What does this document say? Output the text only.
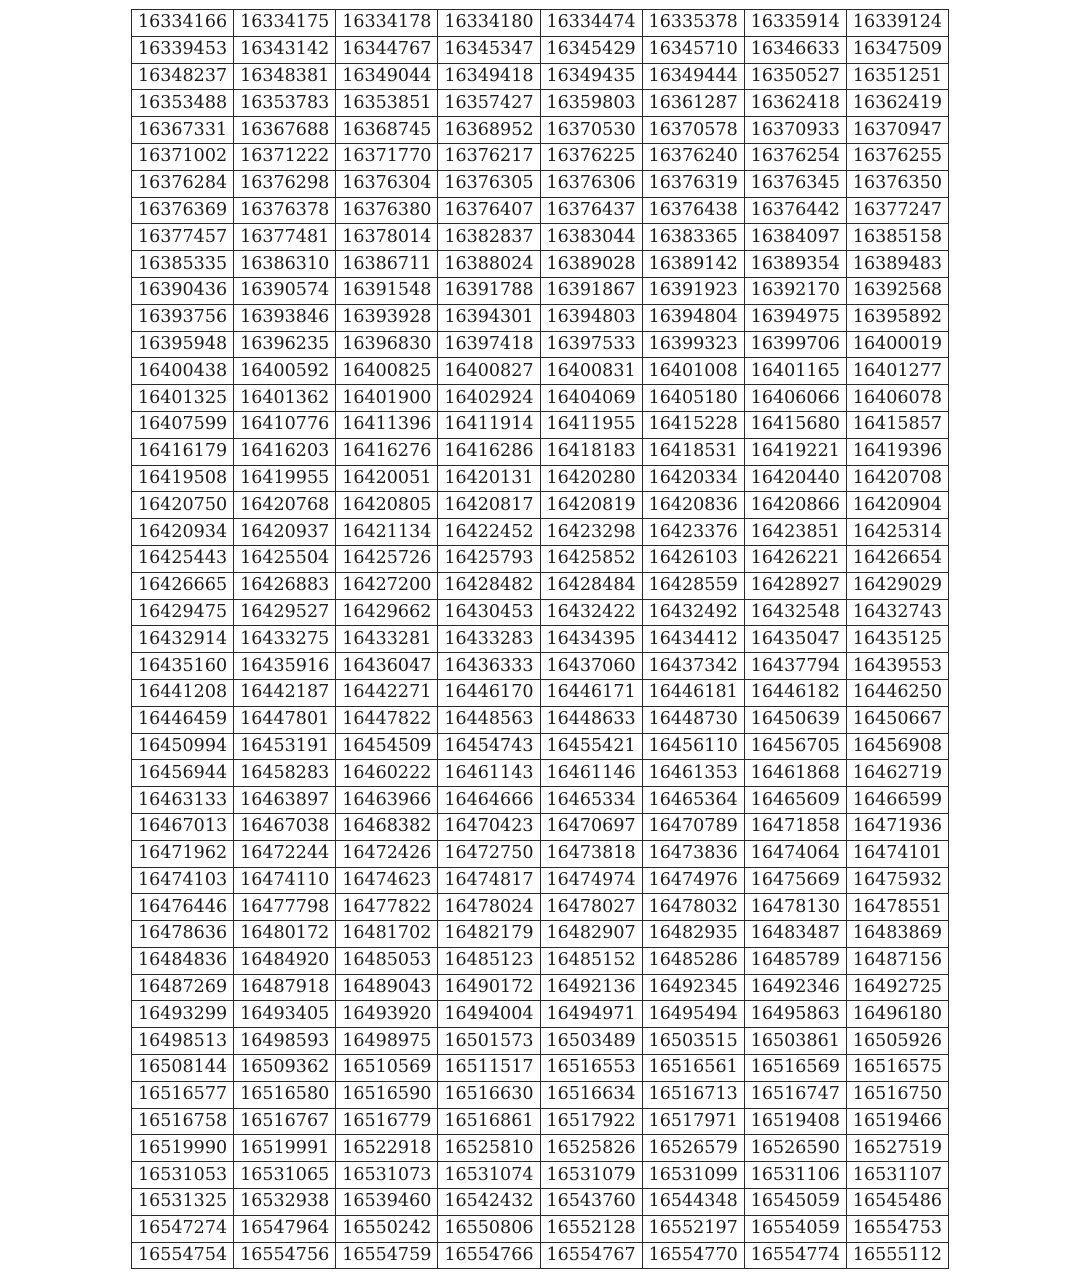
16334166	16334175	16334178	16334180	16334474	16335378	16335914	16339124
16339453	16343142	16344767	16345347	16345429	16345710	16346633	16347509
16348237	16348381	16349044	16349418	16349435	16349444	16350527	16351251
16353488	16353783	16353851	16357427	16359803	16361287	16362418	16362419
16367331	16367688	16368745	16368952	16370530	16370578	16370933	16370947
16371002	16371222	16371770	16376217	16376225	16376240	16376254	16376255
16376284	16376298	16376304	16376305	16376306	16376319	16376345	16376350
16376369	16376378	16376380	16376407	16376437	16376438	16376442	16377247
16377457	16377481	16378014	16382837	16383044	16383365	16384097	16385158
16385335	16386310	16386711	16388024	16389028	16389142	16389354	16389483
16390436	16390574	16391548	16391788	16391867	16391923	16392170	16392568
16393756	16393846	16393928	16394301	16394803	16394804	16394975	16395892
16395948	16396235	16396830	16397418	16397533	16399323	16399706	16400019
16400438	16400592	16400825	16400827	16400831	16401008	16401165	16401277
16401325	16401362	16401900	16402924	16404069	16405180	16406066	16406078
16407599	16410776	16411396	16411914	16411955	16415228	16415680	16415857
16416179	16416203	16416276	16416286	16418183	16418531	16419221	16419396
16419508	16419955	16420051	16420131	16420280	16420334	16420440	16420708
16420750	16420768	16420805	16420817	16420819	16420836	16420866	16420904
16420934	16420937	16421134	16422452	16423298	16423376	16423851	16425314
16425443	16425504	16425726	16425793	16425852	16426103	16426221	16426654
16426665	16426883	16427200	16428482	16428484	16428559	16428927	16429029
16429475	16429527	16429662	16430453	16432422	16432492	16432548	16432743
16432914	16433275	16433281	16433283	16434395	16434412	16435047	16435125
16435160	16435916	16436047	16436333	16437060	16437342	16437794	16439553
16441208	16442187	16442271	16446170	16446171	16446181	16446182	16446250
16446459	16447801	16447822	16448563	16448633	16448730	16450639	16450667
16450994	16453191	16454509	16454743	16455421	16456110	16456705	16456908
16456944	16458283	16460222	16461143	16461146	16461353	16461868	16462719
16463133	16463897	16463966	16464666	16465334	16465364	16465609	16466599
16467013	16467038	16468382	16470423	16470697	16470789	16471858	16471936
16471962	16472244	16472426	16472750	16473818	16473836	16474064	16474101
16474103	16474110	16474623	16474817	16474974	16474976	16475669	16475932
16476446	16477798	16477822	16478024	16478027	16478032	16478130	16478551
16478636	16480172	16481702	16482179	16482907	16482935	16483487	16483869
16484836	16484920	16485053	16485123	16485152	16485286	16485789	16487156
16487269	16487918	16489043	16490172	16492136	16492345	16492346	16492725
16493299	16493405	16493920	16494004	16494971	16495494	16495863	16496180
16498513	16498593	16498975	16501573	16503489	16503515	16503861	16505926
16508144	16509362	16510569	16511517	16516553	16516561	16516569	16516575
16516577	16516580	16516590	16516630	16516634	16516713	16516747	16516750
16516758	16516767	16516779	16516861	16517922	16517971	16519408	16519466
16519990	16519991	16522918	16525810	16525826	16526579	16526590	16527519
16531053	16531065	16531073	16531074	16531079	16531099	16531106	16531107
16531325	16532938	16539460	16542432	16543760	16544348	16545059	16545486
16547274	16547964	16550242	16550806	16552128	16552197	16554059	16554753
16554754	16554756	16554759	16554766	16554767	16554770	16554774	16555112
